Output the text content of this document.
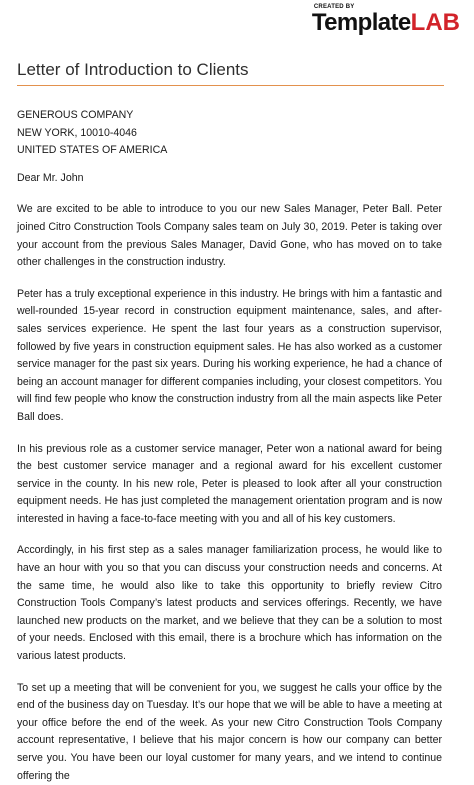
CREATED BY
TemplateLAB
Letter of Introduction to Clients
GENEROUS COMPANY
NEW YORK, 10010-4046
UNITED STATES OF AMERICA
Dear Mr. John
We are excited to be able to introduce to you our new Sales Manager, Peter Ball. Peter joined Citro Construction Tools Company sales team on July 30, 2019. Peter is taking over your account from the previous Sales Manager, David Gone, who has moved on to take other challenges in the construction industry.
Peter has a truly exceptional experience in this industry. He brings with him a fantastic and well-rounded 15-year record in construction equipment maintenance, sales, and after-sales services experience. He spent the last four years as a construction supervisor, followed by five years in construction equipment sales. He has also worked as a customer service manager for the past six years. During his working experience, he had a chance of being an account manager for different companies including, your closest competitors. You will find few people who know the construction industry from all the main aspects like Peter Ball does.
In his previous role as a customer service manager, Peter won a national award for being the best customer service manager and a regional award for his excellent customer service in the county. In his new role, Peter is pleased to look after all your construction equipment needs. He has just completed the management orientation program and is now interested in having a face-to-face meeting with you and all of his key customers.
Accordingly, in his first step as a sales manager familiarization process, he would like to have an hour with you so that you can discuss your construction needs and concerns. At the same time, he would also like to take this opportunity to briefly review Citro Construction Tools Company’s latest products and services offerings. Recently, we have launched new products on the market, and we believe that they can be a solution to most of your needs. Enclosed with this email, there is a brochure which has information on the various latest products.
To set up a meeting that will be convenient for you, we suggest he calls your office by the end of the business day on Tuesday. It’s our hope that we will be able to have a meeting at your office before the end of the week. As your new Citro Construction Tools Company account representative, I believe that his major concern is how our company can better serve you. You have been our loyal customer for many years, and we intend to continue offering the
